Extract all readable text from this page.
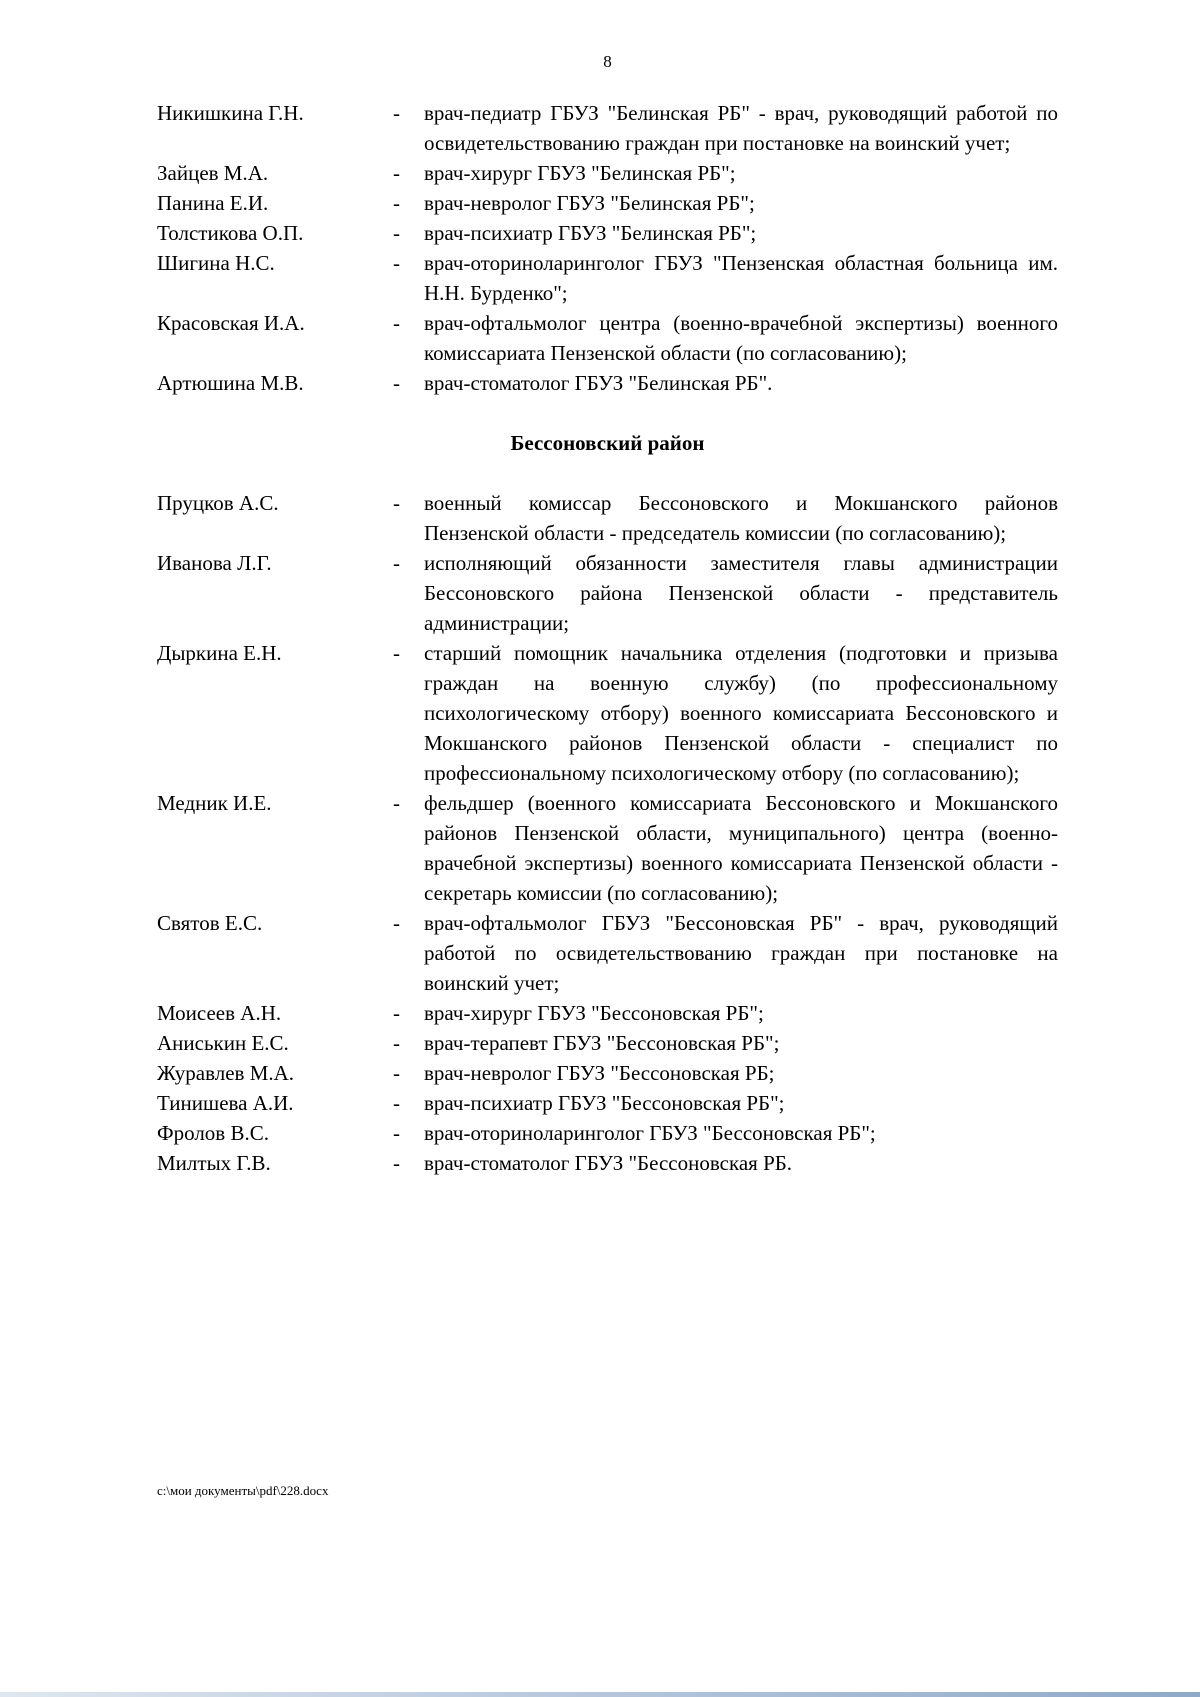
8
Никишкина Г.Н.	-	врач-педиатр ГБУЗ "Белинская РБ" - врач, руководящий работой по освидетельствованию граждан при постановке на воинский учет;
Зайцев М.А.	-	врач-хирург ГБУЗ "Белинская РБ";
Панина Е.И.	-	врач-невролог ГБУЗ "Белинская РБ";
Толстикова О.П.	-	врач-психиатр ГБУЗ "Белинская РБ";
Шигина Н.С.	-	врач-оториноларинголог ГБУЗ "Пензенская областная больница им. Н.Н. Бурденко";
Красовская И.А.	-	врач-офтальмолог центра (военно-врачебной экспертизы) военного комиссариата Пензенской области (по согласованию);
Артюшина М.В.	-	врач-стоматолог ГБУЗ "Белинская РБ".
Бессоновский район
Пруцков А.С.	-	военный комиссар Бессоновского и Мокшанского районов Пензенской области - председатель комиссии (по согласованию);
Иванова Л.Г.	-	исполняющий обязанности заместителя главы администрации Бессоновского района Пензенской области - представитель администрации;
Дыркина Е.Н.	-	старший помощник начальника отделения (подготовки и призыва граждан на военную службу) (по профессиональному психологическому отбору) военного комиссариата Бессоновского и Мокшанского районов Пензенской области - специалист по профессиональному психологическому отбору (по согласованию);
Медник И.Е.	-	фельдшер (военного комиссариата Бессоновского и Мокшанского районов Пензенской области, муниципального) центра (военно-врачебной экспертизы) военного комиссариата Пензенской области - секретарь комиссии (по согласованию);
Святов Е.С.	-	врач-офтальмолог ГБУЗ "Бессоновская РБ" - врач, руководящий работой по освидетельствованию граждан при постановке на воинский учет;
Моисеев А.Н.	-	врач-хирург ГБУЗ "Бессоновская РБ";
Аниськин Е.С.	-	врач-терапевт ГБУЗ "Бессоновская РБ";
Журавлев М.А.	-	врач-невролог ГБУЗ "Бессоновская РБ;
Тинишева А.И.	-	врач-психиатр ГБУЗ "Бессоновская РБ";
Фролов В.С.	-	врач-оториноларинголог ГБУЗ "Бессоновская РБ";
Милтых Г.В.	-	врач-стоматолог ГБУЗ "Бессоновская РБ.
c:\мои документы\pdf\228.docx
